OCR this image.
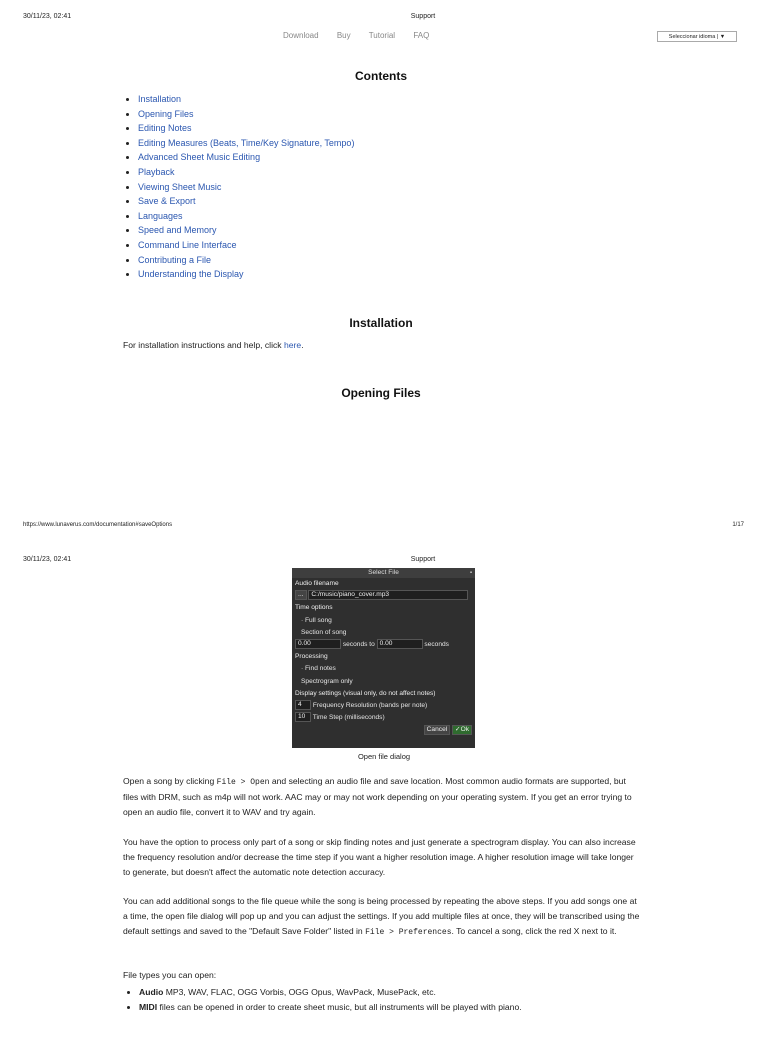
30/11/23, 02:41	Support
Download Buy Tutorial FAQ	Seleccionar idioma | ▼
Contents
• Installation
• Opening Files
• Editing Notes
• Editing Measures (Beats, Time/Key Signature, Tempo)
• Advanced Sheet Music Editing
• Playback
• Viewing Sheet Music
• Save & Export
• Languages
• Speed and Memory
• Command Line Interface
• Contributing a File
• Understanding the Display
Installation

For installation instructions and help, click here.

Opening Files
https://www.lunaverus.com/documentation#saveOptions	1/17
30/11/23, 02:41	Support
Select File	▪
Audio filename
... C:/music/piano_cover.mp3
Time options
· Full song
Section of song
0.00	seconds to 0.00	seconds
Processing
· Find notes
Spectrogram only
Display settings (visual only, do not affect notes)
4 Frequency Resolution (bands per note)
10 Time Step (milliseconds)
Cancel ✓Ok
Open file dialog

Open a song by clicking File > Open and selecting an audio file and save location. Most common audio formats are supported, but files with DRM, such as m4p will not work. AAC may or may not work depending on your operating system. If you get an error trying to open an audio file, convert it to WAV and try again.

You have the option to process only part of a song or skip finding notes and just generate a spectrogram display. You can also increase the frequency resolution and/or decrease the time step if you want a higher resolution image. A higher resolution image will take longer to generate, but doesn't affect the automatic note detection accuracy.

You can add additional songs to the file queue while the song is being processed by repeating the above steps. If you add songs one at a time, the open file dialog will pop up and you can adjust the settings. If you add multiple files at once, they will be transcribed using the default settings and saved to the "Default Save Folder" listed in File > Preferences. To cancel a song, click the red X next to it.

File types you can open:

• Audio MP3, WAV, FLAC, OGG Vorbis, OGG Opus, WavPack, MusePack, etc.
• MIDI files can be opened in order to create sheet music, but all instruments will be played with piano.
